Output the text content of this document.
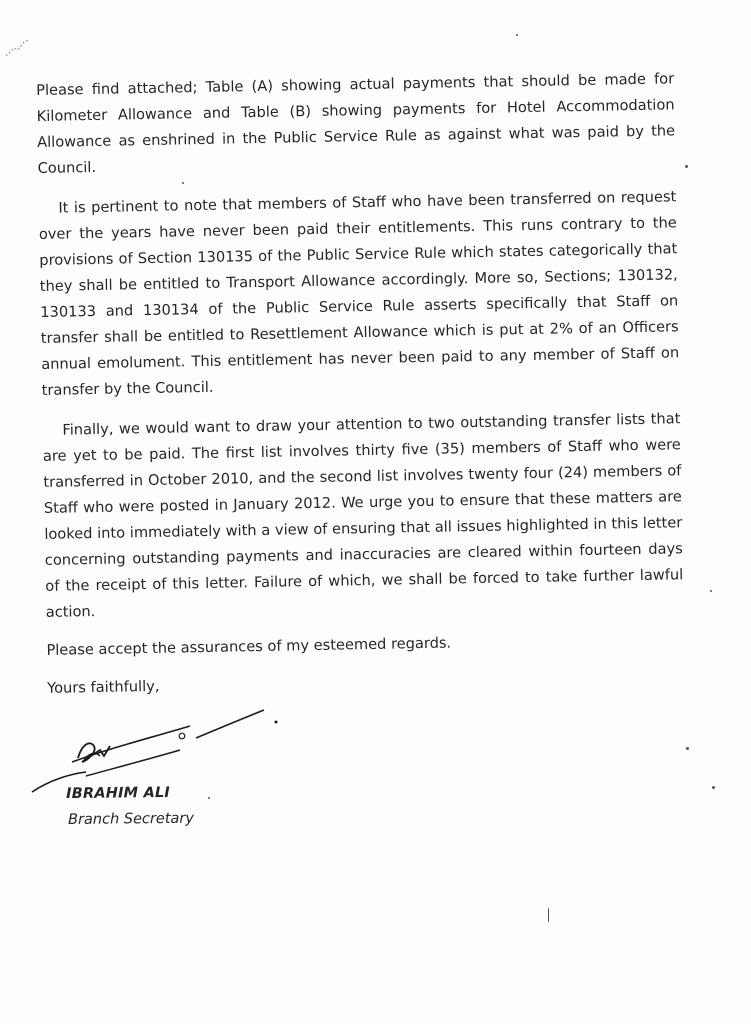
Please find attached; Table (A) showing actual payments that should be made for Kilometer Allowance and Table (B) showing payments for Hotel Accommodation Allowance as enshrined in the Public Service Rule as against what was paid by the Council.

It is pertinent to note that members of Staff who have been transferred on request over the years have never been paid their entitlements. This runs contrary to the provisions of Section 130135 of the Public Service Rule which states categorically that they shall be entitled to Transport Allowance accordingly. More so, Sections; 130132, 130133 and 130134 of the Public Service Rule asserts specifically that Staff on transfer shall be entitled to Resettlement Allowance which is put at 2% of an Officers annual emolument. This entitlement has never been paid to any member of Staff on transfer by the Council.

Finally, we would want to draw your attention to two outstanding transfer lists that are yet to be paid. The first list involves thirty five (35) members of Staff who were transferred in October 2010, and the second list involves twenty four (24) members of Staff who were posted in January 2012. We urge you to ensure that these matters are looked into immediately with a view of ensuring that all issues highlighted in this letter concerning outstanding payments and inaccuracies are cleared within fourteen days of the receipt of this letter. Failure of which, we shall be forced to take further lawful action.

Please accept the assurances of my esteemed regards.

Yours faithfully,
IBRAHIM ALI
Branch Secretary
